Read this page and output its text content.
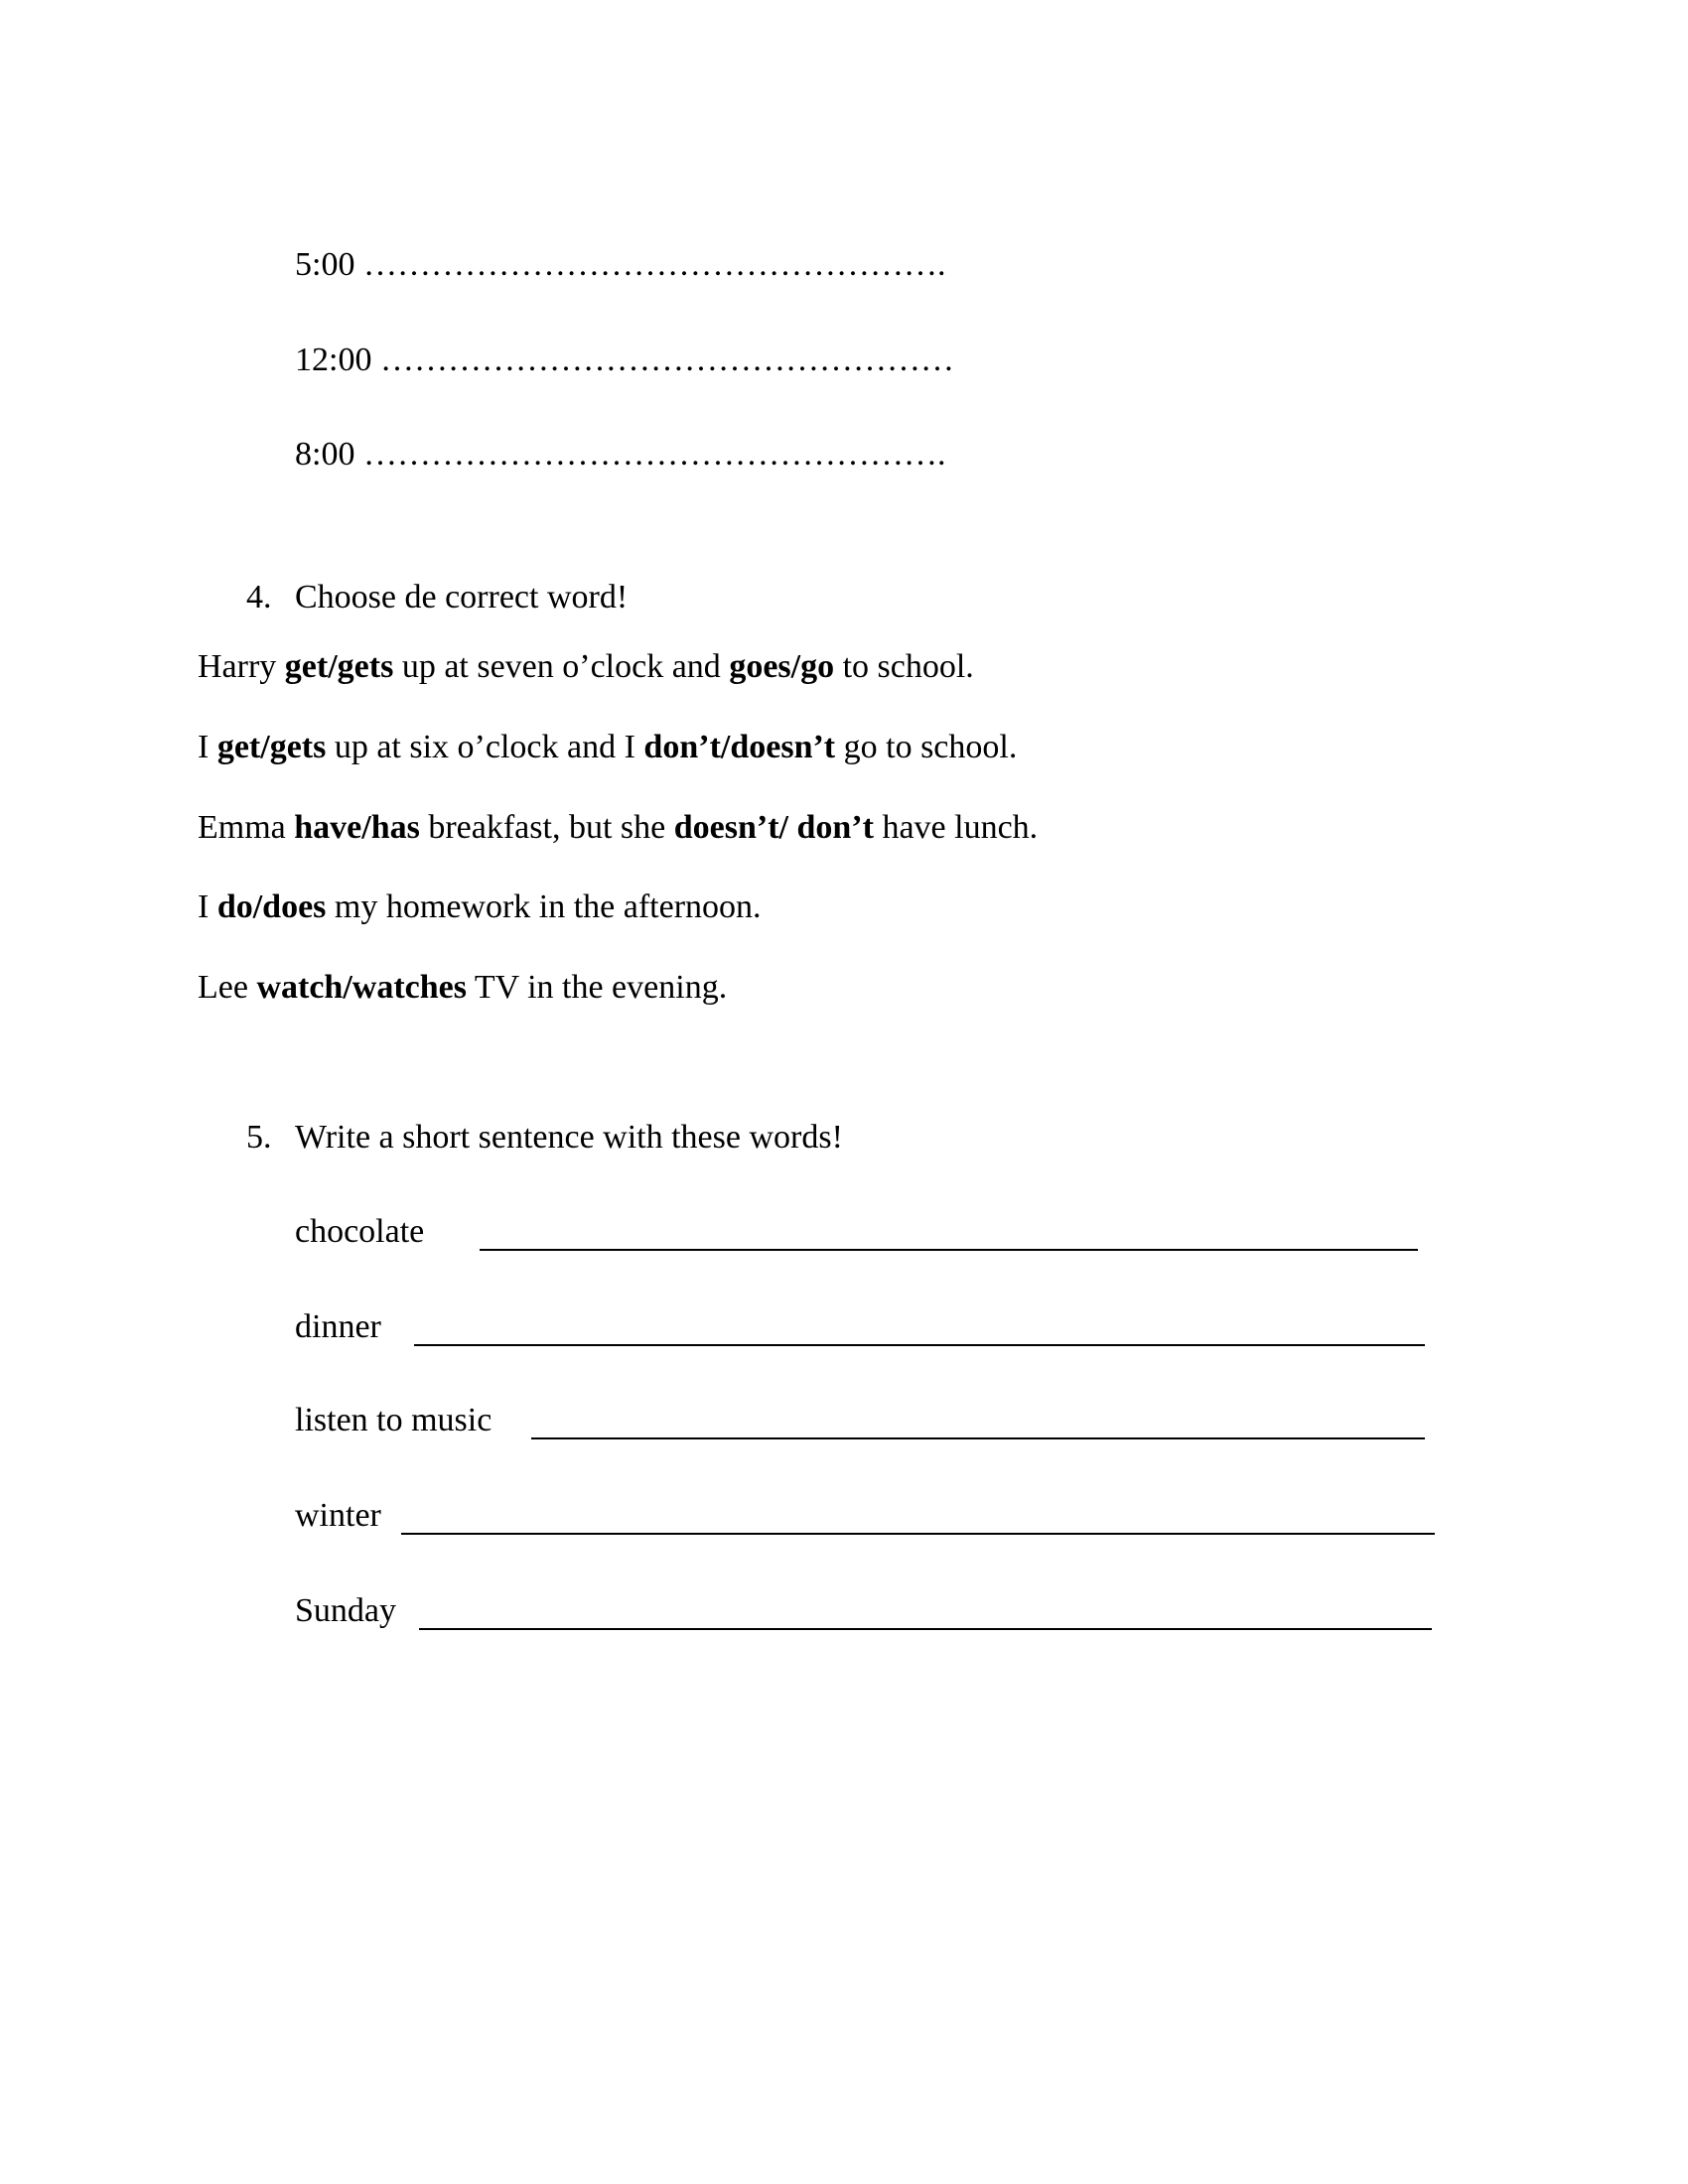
5:00 …………………………………………….
12:00 ……………………………………………
8:00 …………………………………………….
4. Choose de correct word!
Harry get/gets up at seven o’clock and goes/go to school.
I get/gets up at six o’clock and I don’t/doesn’t go to school.
Emma have/has breakfast, but she doesn’t/ don’t have lunch.
I do/does my homework in the afternoon.
Lee watch/watches TV in the evening.
5. Write a short sentence with these words!
chocolate
dinner
listen to music
winter
Sunday
